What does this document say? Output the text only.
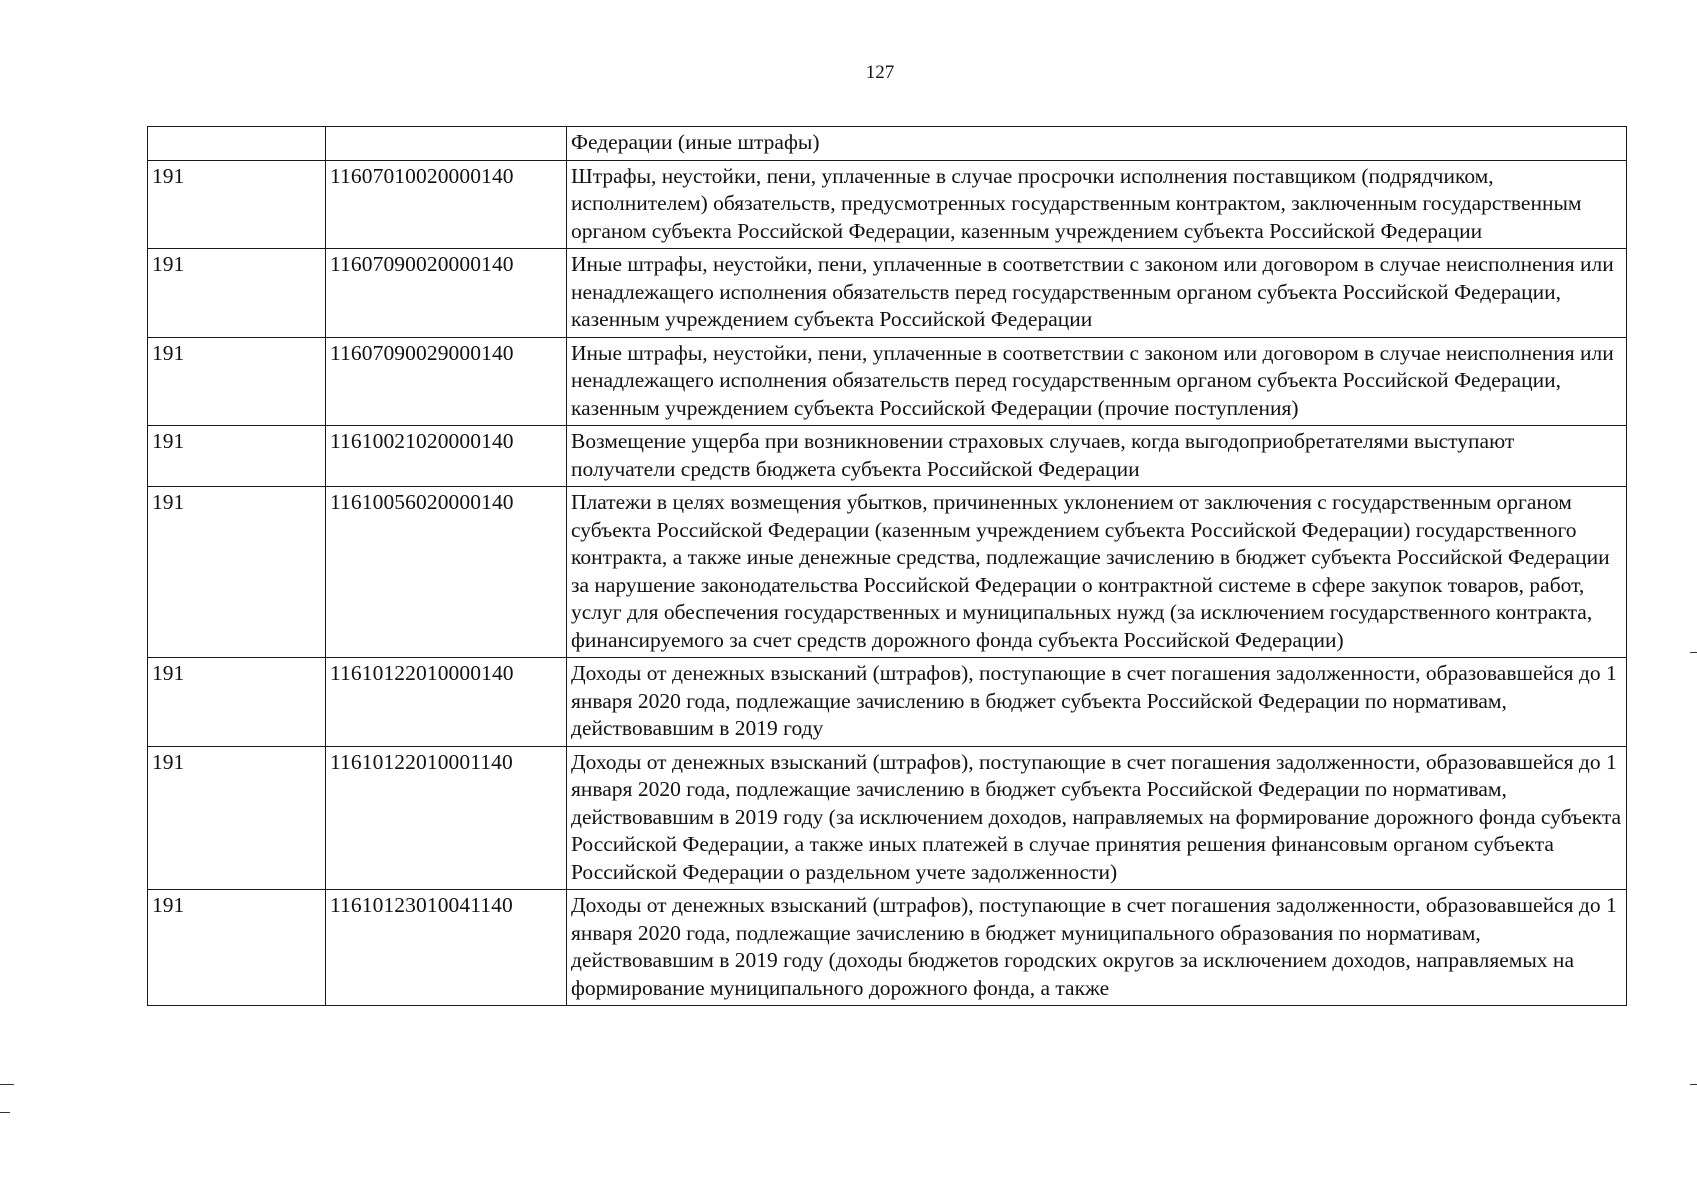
127
		Федерации (иные штрафы)
191	11607010020000140	Штрафы, неустойки, пени, уплаченные в случае просрочки исполнения поставщиком (подрядчиком, исполнителем) обязательств, предусмотренных государственным контрактом, заключенным государственным органом субъекта Российской Федерации, казенным учреждением субъекта Российской Федерации
191	11607090020000140	Иные штрафы, неустойки, пени, уплаченные в соответствии с законом или договором в случае неисполнения или ненадлежащего исполнения обязательств перед государственным органом субъекта Российской Федерации, казенным учреждением субъекта Российской Федерации
191	11607090029000140	Иные штрафы, неустойки, пени, уплаченные в соответствии с законом или договором в случае неисполнения или ненадлежащего исполнения обязательств перед государственным органом субъекта Российской Федерации, казенным учреждением субъекта Российской Федерации (прочие поступления)
191	11610021020000140	Возмещение ущерба при возникновении страховых случаев, когда выгодоприобретателями выступают получатели средств бюджета субъекта Российской Федерации
191	11610056020000140	Платежи в целях возмещения убытков, причиненных уклонением от заключения с государственным органом субъекта Российской Федерации (казенным учреждением субъекта Российской Федерации) государственного контракта, а также иные денежные средства, подлежащие зачислению в бюджет субъекта Российской Федерации за нарушение законодательства Российской Федерации о контрактной системе в сфере закупок товаров, работ, услуг для обеспечения государственных и муниципальных нужд (за исключением государственного контракта, финансируемого за счет средств дорожного фонда субъекта Российской Федерации)
191	11610122010000140	Доходы от денежных взысканий (штрафов), поступающие в счет погашения задолженности, образовавшейся до 1 января 2020 года, подлежащие зачислению в бюджет субъекта Российской Федерации по нормативам, действовавшим в 2019 году
191	11610122010001140	Доходы от денежных взысканий (штрафов), поступающие в счет погашения задолженности, образовавшейся до 1 января 2020 года, подлежащие зачислению в бюджет субъекта Российской Федерации по нормативам, действовавшим в 2019 году (за исключением доходов, направляемых на формирование дорожного фонда субъекта Российской Федерации, а также иных платежей в случае принятия решения финансовым органом субъекта Российской Федерации о раздельном учете задолженности)
191	11610123010041140	Доходы от денежных взысканий (штрафов), поступающие в счет погашения задолженности, образовавшейся до 1 января 2020 года, подлежащие зачислению в бюджет муниципального образования по нормативам, действовавшим в 2019 году (доходы бюджетов городских округов за исключением доходов, направляемых на формирование муниципального дорожного фонда, а также
